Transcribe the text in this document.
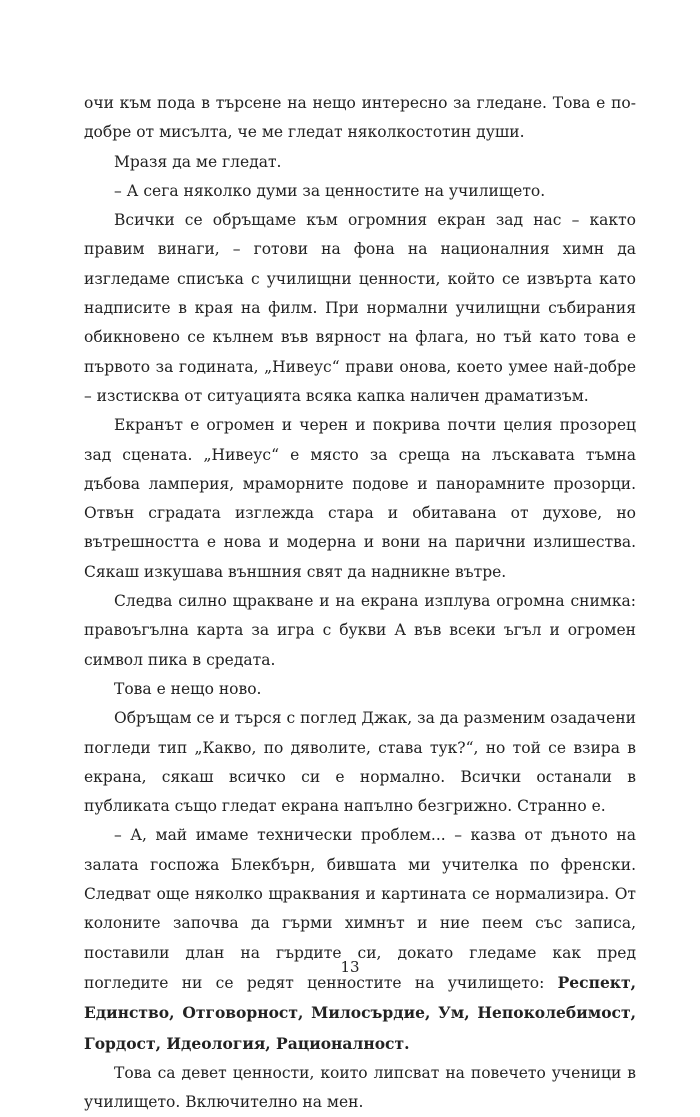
очи към пода в търсене на нещо интересно за гледане. Това е по-добре от мисълта, че ме гледат няколкостотин души.

Мразя да ме гледат.

– А сега няколко думи за ценностите на училището.

Всички се обръщаме към огромния екран зад нас – както правим винаги, – готови на фона на националния химн да изгледаме списъка с училищни ценности, който се извърта като надписите в края на филм. При нормални училищни събирания обикновено се кълнем във вярност на флага, но тъй като това е първото за годината, „Нивеус“ прави онова, което умее най-добре – изстисква от ситуацията всяка капка наличен драматизъм.

Екранът е огромен и черен и покрива почти целия прозорец зад сцената. „Нивеус“ е място за среща на лъскавата тъмна дъбова ламперия, мраморните подове и панорамните прозорци. Отвън сградата изглежда стара и обитавана от духове, но вътрешността е нова и модерна и вони на парични излишества. Сякаш изкушава външния свят да надникне вътре.

Следва силно щракване и на екрана изплува огромна снимка: правоъгълна карта за игра с букви А във всеки ъгъл и огромен символ пика в средата.

Това е нещо ново.

Обръщам се и търся с поглед Джак, за да разменим озадачени погледи тип „Какво, по дяволите, става тук?“, но той се взира в екрана, сякаш всичко си е нормално. Всички останали в публиката също гледат екрана напълно безгрижно. Странно е.

– А, май имаме технически проблем... – казва от дъното на залата госпожа Блекбърн, бившата ми учителка по френски. Следват още няколко щраквания и картината се нормализира. От колоните започва да гърми химнът и ние пеем със записа, поставили длан на гърдите си, докато гледаме как пред погледите ни се редят ценностите на училището: Респект, Единство, Отговорност, Милосърдие, Ум, Непоколебимост, Гордост, Идеология, Рационалност.

Това са девет ценности, които липсват на повечето ученици в училището. Включително на мен.

13
